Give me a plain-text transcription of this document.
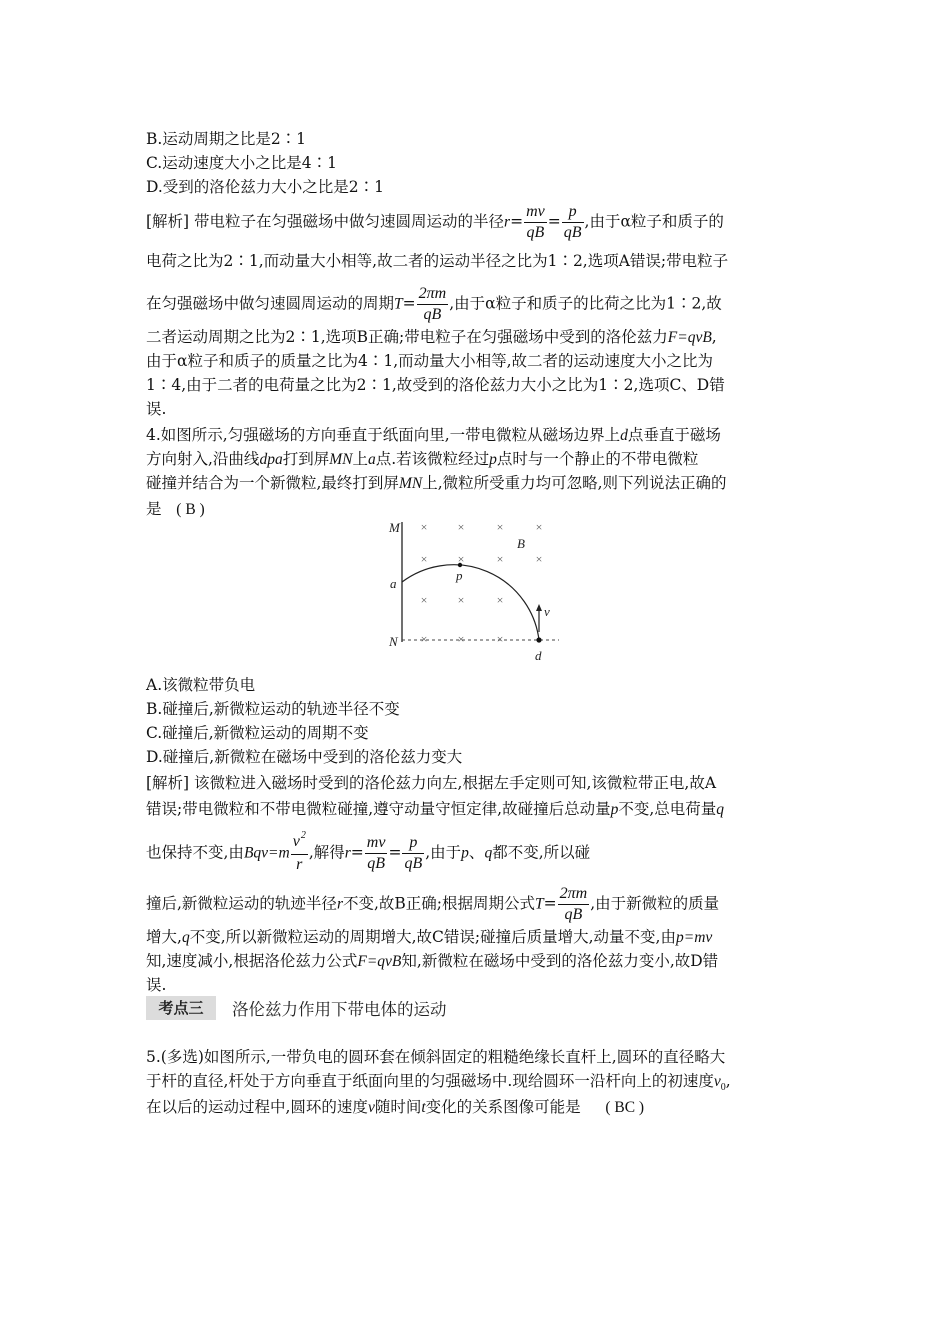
B.运动周期之比是2∶1
C.运动速度大小之比是4∶1
D.受到的洛伦兹力大小之比是2∶1
[解析] 带电粒子在匀强磁场中做匀速圆周运动的半径$r= \frac{mv}{qB} = \frac{p}{qB}$ ,由于α粒子和质子的
电荷之比为2∶1,而动量大小相等,故二者的运动半径之比为1∶2,选项A错误;带电粒子
在匀强磁场中做匀速圆周运动的周期$T= \frac{2\pi m}{qB}$ ,由于α粒子和质子的比荷之比为1∶2,故
二者运动周期之比为2∶1,选项B正确;带电粒子在匀强磁场中受到的洛伦兹力F=qvB,
由于α粒子和质子的质量之比为4∶1,而动量大小相等,故二者的运动速度大小之比为
1∶4,由于二者的电荷量之比为2∶1,故受到的洛伦兹力大小之比为1∶2,选项C、D错
误.
4.如图所示,匀强磁场的方向垂直于纸面向里,一带电微粒从磁场边界上d点垂直于磁场
方向射入,沿曲线dpa打到屏MN上a点.若该微粒经过p点时与一个静止的不带电微粒
碰撞并结合为一个新微粒,最终打到屏MN上,微粒所受重力均可忽略,则下列说法正确的
是 ( B )
×	×	×	×
×	×	×	×
×	×	×
×	×	×
M
N
a
p
B
v
d
A.该微粒带负电
B.碰撞后,新微粒运动的轨迹半径不变
C.碰撞后,新微粒运动的周期不变
D.碰撞后,新微粒在磁场中受到的洛伦兹力变大
[解析] 该微粒进入磁场时受到的洛伦兹力向左,根据左手定则可知,该微粒带正电,故A
错误;带电微粒和不带电微粒碰撞,遵守动量守恒定律,故碰撞后总动量p不变,总电荷量q
也保持不变,由$Bqv=m \frac{v^2}{r}$ ,解得$r= \frac{mv}{qB} = \frac{p}{qB}$ ,由于p、q都不变,所以碰
撞后,新微粒运动的轨迹半径r不变,故B正确;根据周期公式$T= \frac{2\pi m}{qB}$ ,由于新微粒的质量
增大,q不变,所以新微粒运动的周期增大,故C错误;碰撞后质量增大,动量不变,由p=mv
知,速度减小,根据洛伦兹力公式F=qvB知,新微粒在磁场中受到的洛伦兹力变小,故D错
误.
考点三	洛伦兹力作用下带电体的运动
5.(多选)如图所示,一带负电的圆环套在倾斜固定的粗糙绝缘长直杆上,圆环的直径略大
于杆的直径,杆处于方向垂直于纸面向里的匀强磁场中.现给圆环一沿杆向上的初速度$v_0$,
在以后的运动过程中,圆环的速度v随时间t变化的关系图像可能是 ( BC )
